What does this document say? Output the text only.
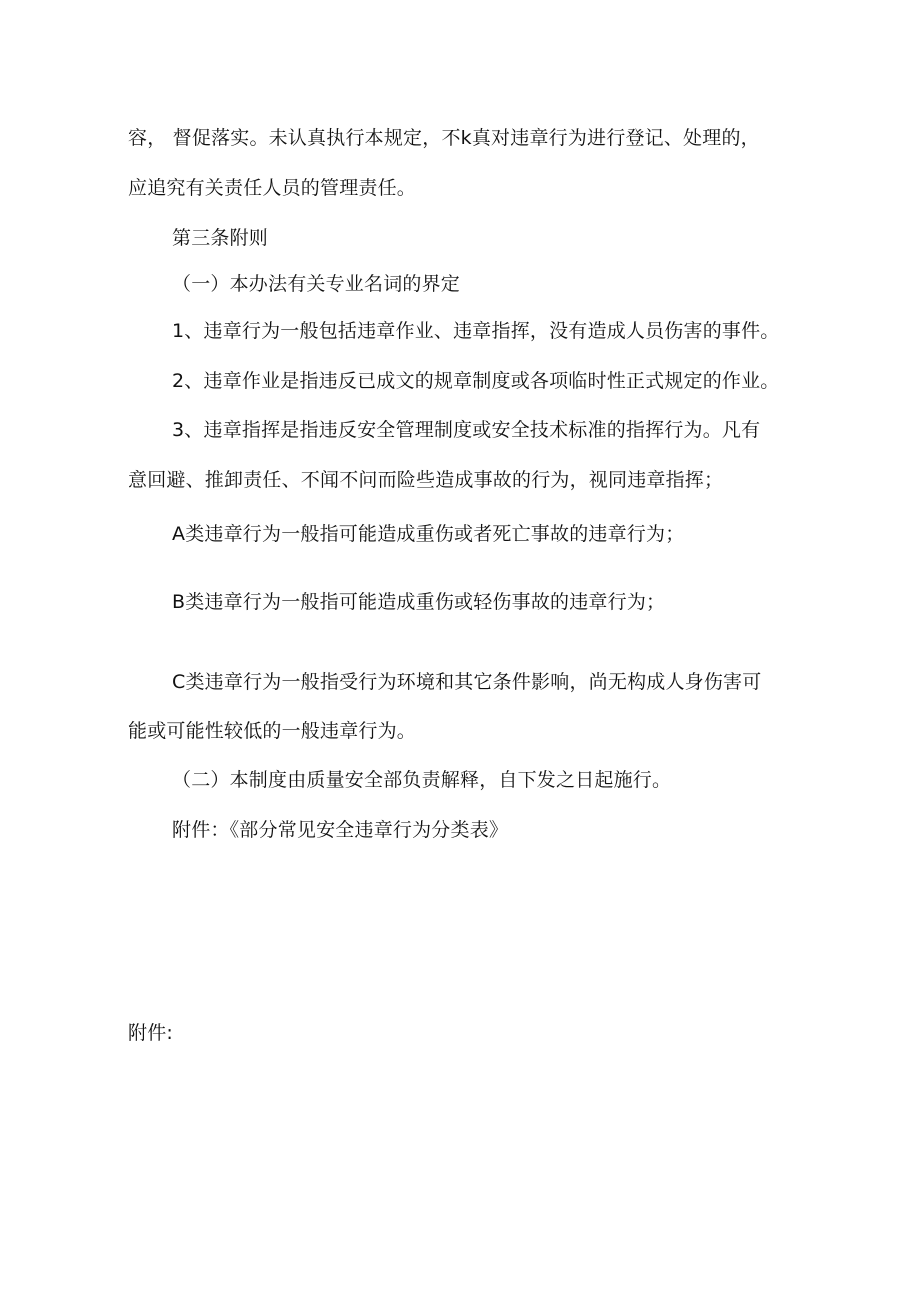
容， 督促落实。未认真执行本规定，不k真对违章行为进行登记、处理的，
应追究有关责任人员的管理责任。
第三条附则
（一）本办法有关专业名词的界定
1、违章行为一般包括违章作业、违章指挥，没有造成人员伤害的事件。
2、违章作业是指违反已成文的规章制度或各项临时性正式规定的作业。
3、违章指挥是指违反安全管理制度或安全技术标准的指挥行为。凡有
意回避、推卸责任、不闻不问而险些造成事故的行为，视同违章指挥；
A类违章行为一般指可能造成重伤或者死亡事故的违章行为；
B类违章行为一般指可能造成重伤或轻伤事故的违章行为；
C类违章行为一般指受行为环境和其它条件影响，尚无构成人身伤害可
能或可能性较低的一般违章行为。
（二）本制度由质量安全部负责解释，自下发之日起施行。
附件：《部分常见安全违章行为分类表》
附件:
